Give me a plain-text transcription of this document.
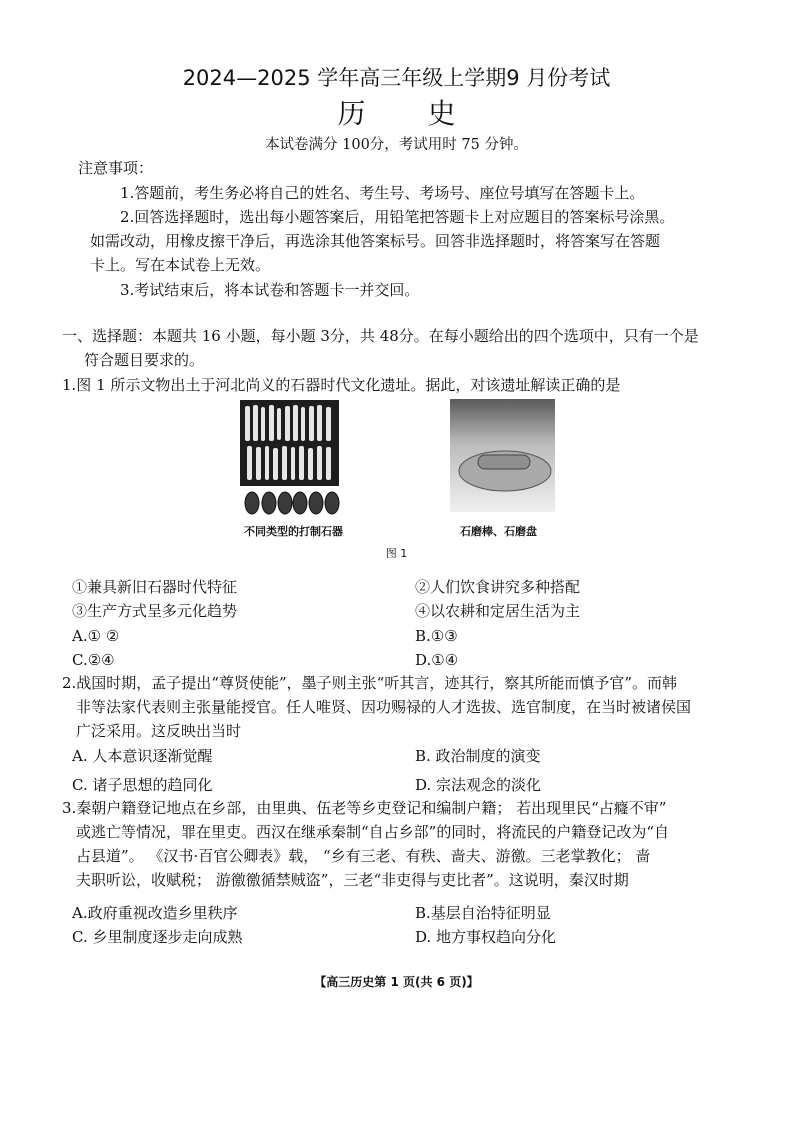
2024—2025 学年高三年级上学期9 月份考试
历史
本试卷满分 100分，考试用时 75 分钟。
注意事项：
1.答题前，考生务必将自己的姓名、考生号、考场号、座位号填写在答题卡上。
2.回答选择题时，选出每小题答案后，用铅笔把答题卡上对应题目的答案标号涂黑。
如需改动，用橡皮擦干净后，再选涂其他答案标号。回答非选择题时，将答案写在答题
卡上。写在本试卷上无效。
3.考试结束后，将本试卷和答题卡一并交回。
一、选择题：本题共 16 小题，每小题 3分，共 48分。在每小题给出的四个选项中，只有一个是
符合题目要求的。
1.图 1 所示文物出土于河北尚义的石器时代文化遗址。据此，对该遗址解读正确的是
不同类型的打制石器	石磨棒、石磨盘
图 1
①兼具新旧石器时代特征	②人们饮食讲究多种搭配
③生产方式呈多元化趋势	④以农耕和定居生活为主
A.① ②	B.①③
C.②④	D.①④
2.战国时期，孟子提出“尊贤使能”，墨子则主张“听其言，迹其行，察其所能而慎予官”。而韩
非等法家代表则主张量能授官。任人唯贤、因功赐禄的人才选拔、选官制度，在当时被诸侯国
广泛采用。这反映出当时
A. 人本意识逐渐觉醒	B. 政治制度的演变
C. 诸子思想的趋同化	D. 宗法观念的淡化
3.秦朝户籍登记地点在乡部，由里典、伍老等乡吏登记和编制户籍； 若出现里民“占癃不审”
或逃亡等情况，罪在里吏。西汉在继承秦制“自占乡部”的同时，将流民的户籍登记改为“自
占县道”。 《汉书·百官公卿表》载， “乡有三老、有秩、啬夫、游徼。三老掌教化； 啬
夫职听讼，收赋税； 游徼徼循禁贼盗”，三老“非吏得与吏比者”。这说明，秦汉时期
A.政府重视改造乡里秩序	B.基层自治特征明显
C. 乡里制度逐步走向成熟	D. 地方事权趋向分化
【高三历史第 1 页(共 6 页)】
